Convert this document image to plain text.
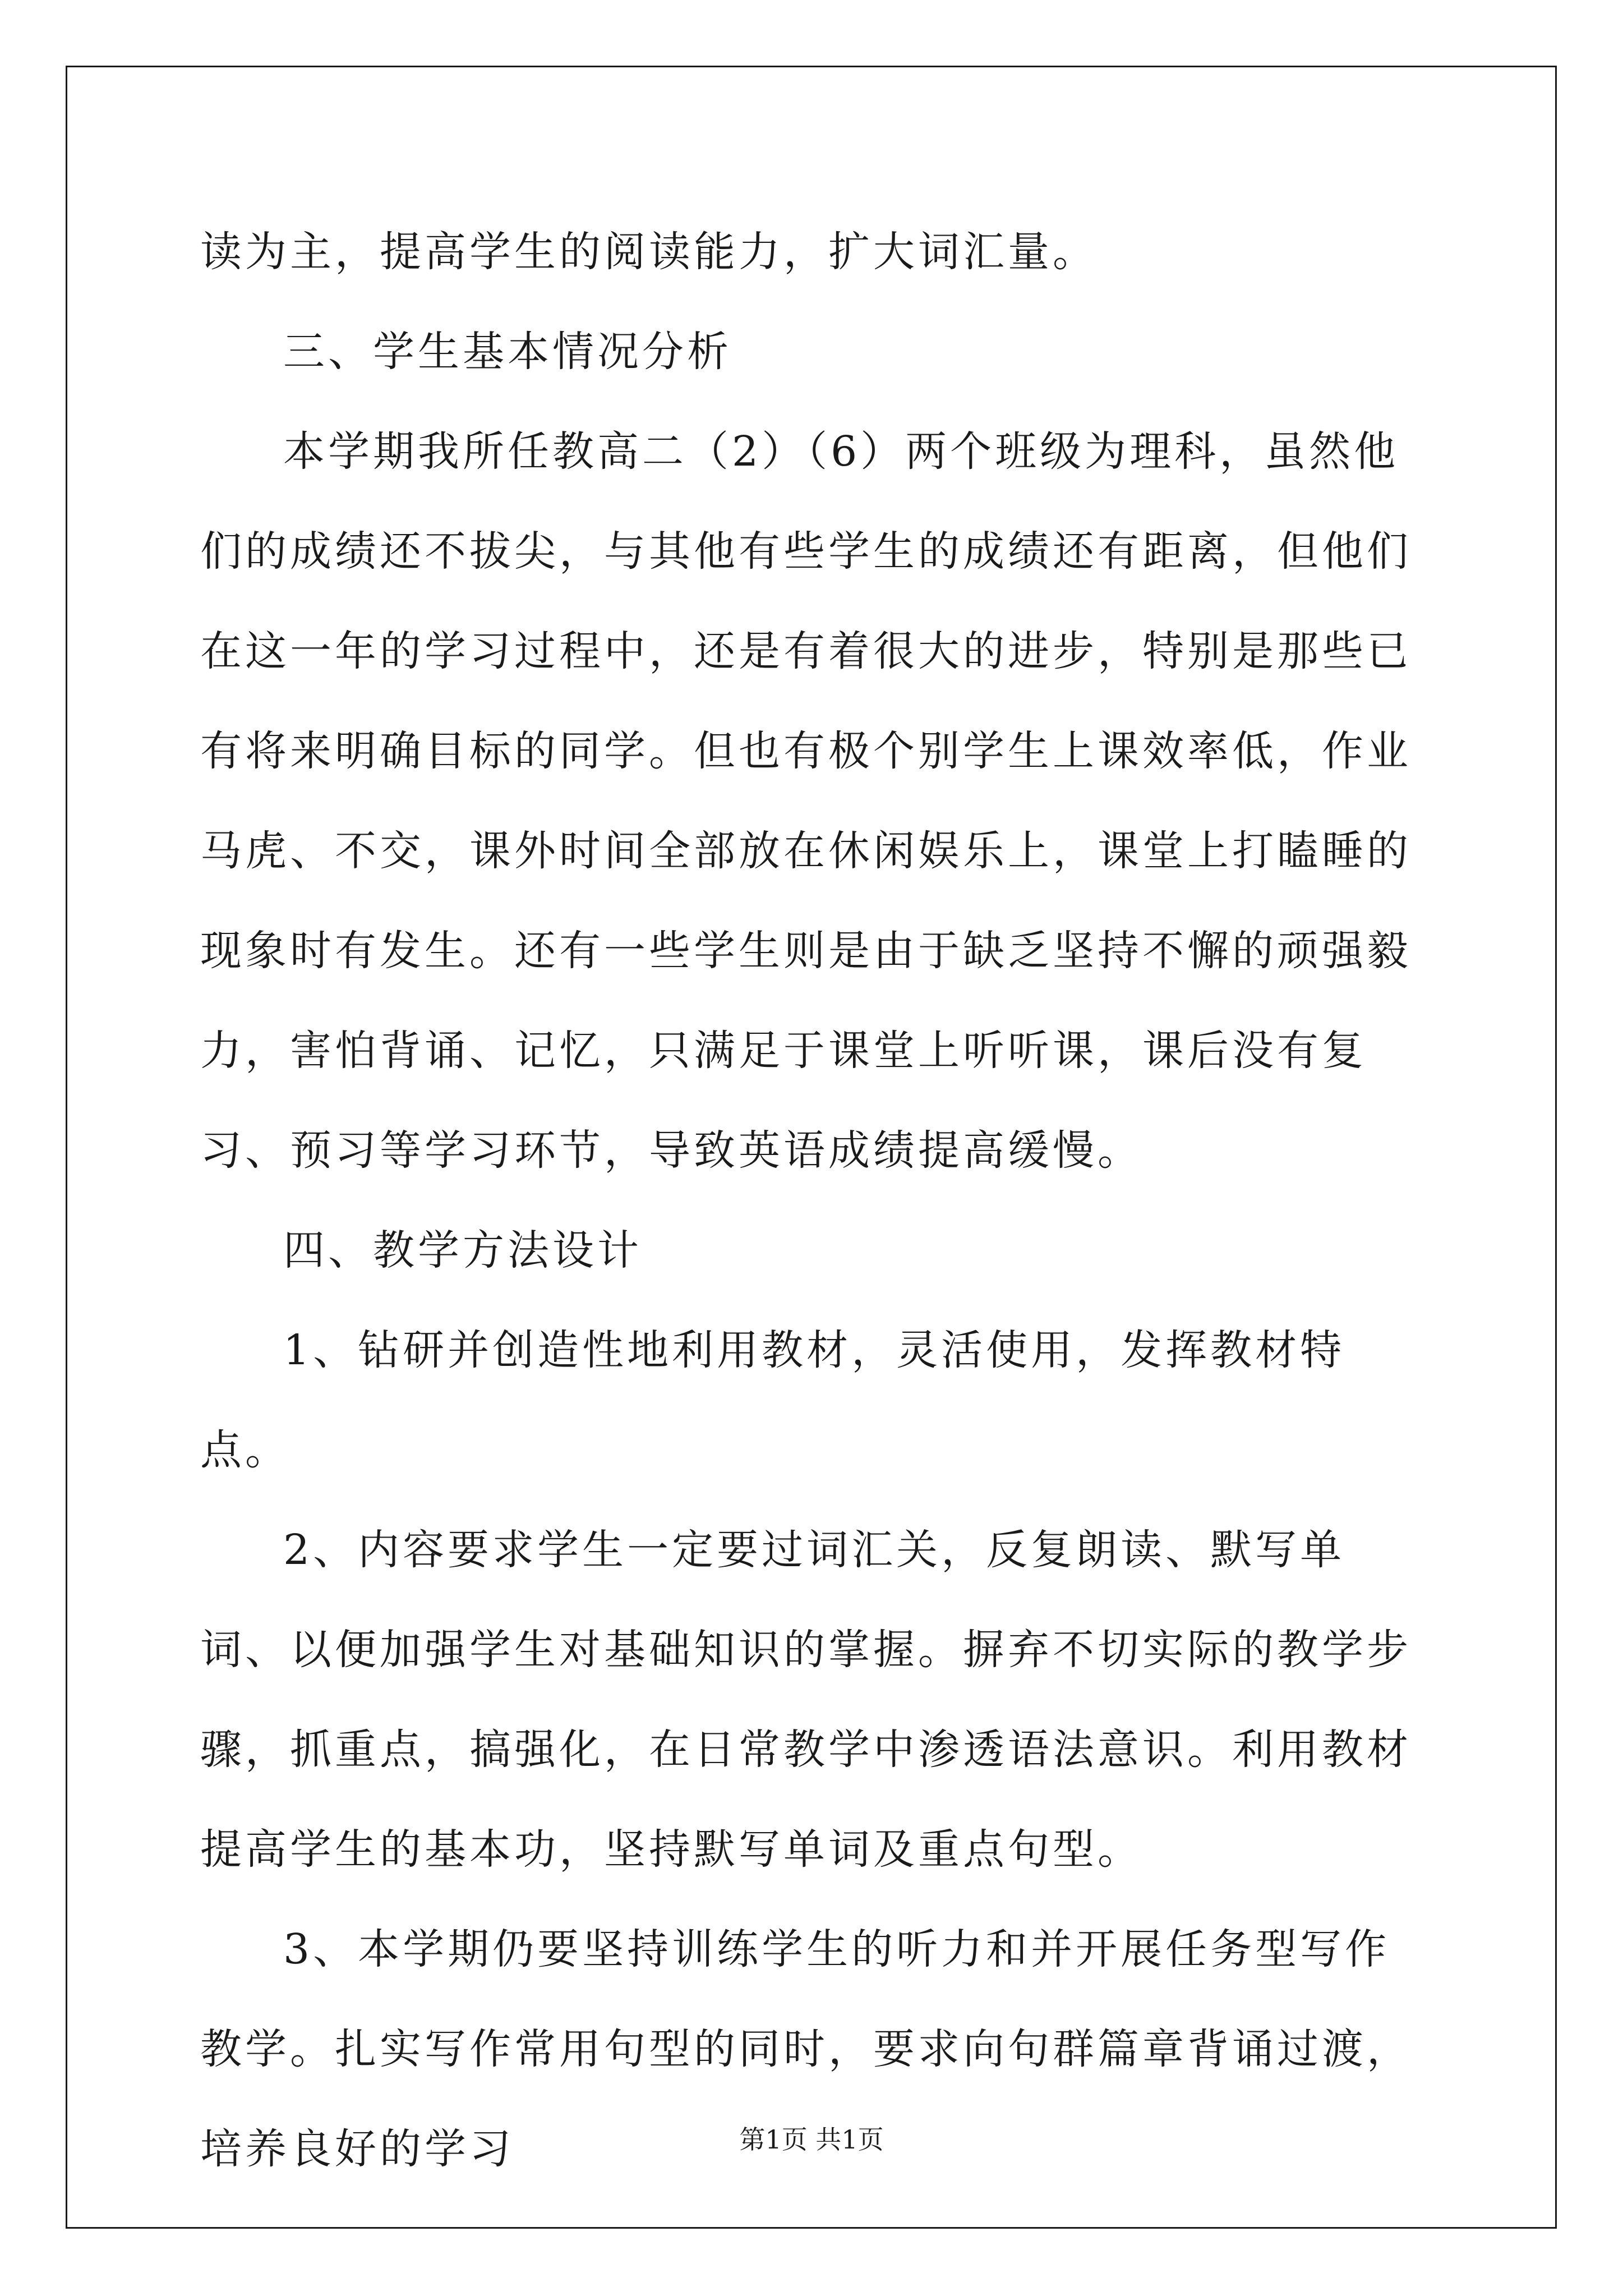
读为主，提高学生的阅读能力，扩大词汇量。

三、学生基本情况分析

本学期我所任教高二（2）（6）两个班级为理科，虽然他们的成绩还不拔尖，与其他有些学生的成绩还有距离，但他们在这一年的学习过程中，还是有着很大的进步，特别是那些已有将来明确目标的同学。但也有极个别学生上课效率低，作业马虎、不交，课外时间全部放在休闲娱乐上，课堂上打瞌睡的现象时有发生。还有一些学生则是由于缺乏坚持不懈的顽强毅力，害怕背诵、记忆，只满足于课堂上听听课，课后没有复习、预习等学习环节，导致英语成绩提高缓慢。

四、教学方法设计

1、钻研并创造性地利用教材，灵活使用，发挥教材特点。

2、内容要求学生一定要过词汇关，反复朗读、默写单词、以便加强学生对基础知识的掌握。摒弃不切实际的教学步骤，抓重点，搞强化，在日常教学中渗透语法意识。利用教材提高学生的基本功，坚持默写单词及重点句型。

3、本学期仍要坚持训练学生的听力和并开展任务型写作教学。扎实写作常用句型的同时，要求向句群篇章背诵过渡，培养良好的学习	第1页 共1页
